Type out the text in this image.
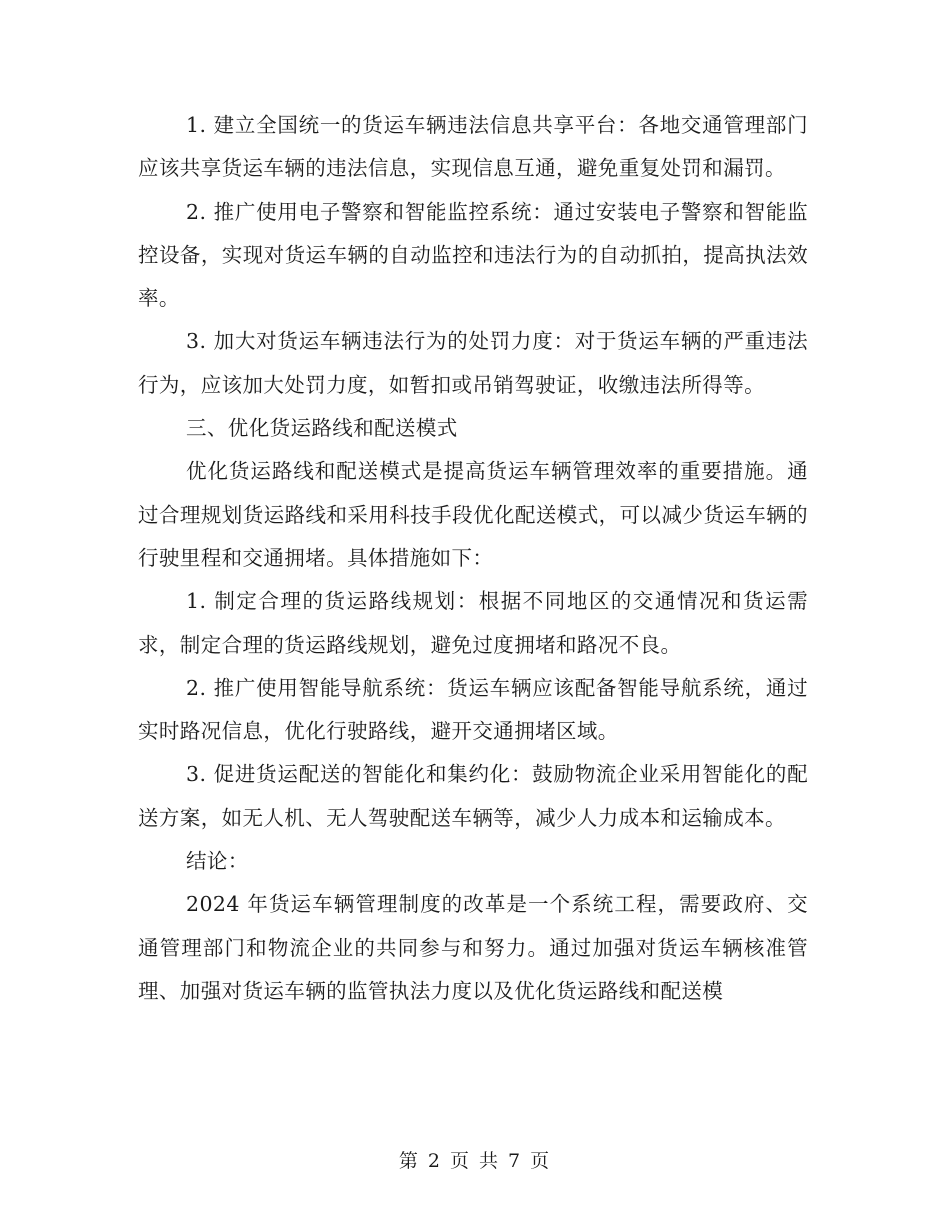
1. 建立全国统一的货运车辆违法信息共享平台：各地交通管理部门应该共享货运车辆的违法信息，实现信息互通，避免重复处罚和漏罚。

2. 推广使用电子警察和智能监控系统：通过安装电子警察和智能监控设备，实现对货运车辆的自动监控和违法行为的自动抓拍，提高执法效率。

3. 加大对货运车辆违法行为的处罚力度：对于货运车辆的严重违法行为，应该加大处罚力度，如暂扣或吊销驾驶证，收缴违法所得等。

三、优化货运路线和配送模式

优化货运路线和配送模式是提高货运车辆管理效率的重要措施。通过合理规划货运路线和采用科技手段优化配送模式，可以减少货运车辆的行驶里程和交通拥堵。具体措施如下：

1. 制定合理的货运路线规划：根据不同地区的交通情况和货运需求，制定合理的货运路线规划，避免过度拥堵和路况不良。

2. 推广使用智能导航系统：货运车辆应该配备智能导航系统，通过实时路况信息，优化行驶路线，避开交通拥堵区域。

3. 促进货运配送的智能化和集约化：鼓励物流企业采用智能化的配送方案，如无人机、无人驾驶配送车辆等，减少人力成本和运输成本。

结论：

2024 年货运车辆管理制度的改革是一个系统工程，需要政府、交通管理部门和物流企业的共同参与和努力。通过加强对货运车辆核准管理、加强对货运车辆的监管执法力度以及优化货运路线和配送模

第 2 页 共 7 页
